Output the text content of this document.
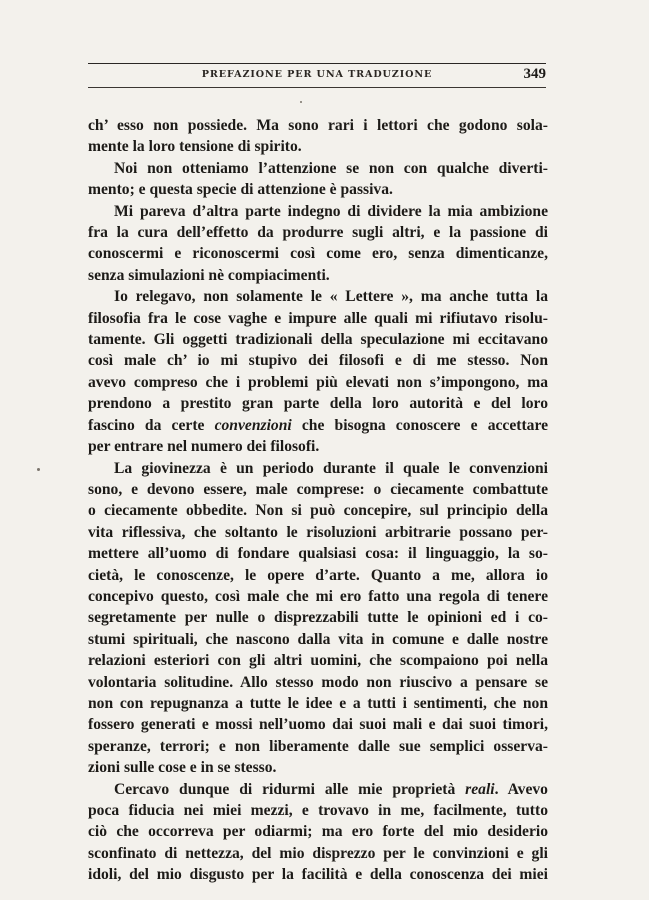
PREFAZIONE PER UNA TRADUZIONE	349
ch’ esso non possiede. Ma sono rari i lettori che godono sola-
mente la loro tensione di spirito.
Noi non otteniamo l’attenzione se non con qualche diverti-
mento; e questa specie di attenzione è passiva.
Mi pareva d’altra parte indegno di dividere la mia ambizione
fra la cura dell’effetto da produrre sugli altri, e la passione di
conoscermi e riconoscermi così come ero, senza dimenticanze,
senza simulazioni nè compiacimenti.
Io relegavo, non solamente le « Lettere », ma anche tutta la
filosofia fra le cose vaghe e impure alle quali mi rifiutavo risolu-
tamente. Gli oggetti tradizionali della speculazione mi eccitavano
così male ch’ io mi stupivo dei filosofi e di me stesso. Non
avevo compreso che i problemi più elevati non s’impongono, ma
prendono a prestito gran parte della loro autorità e del loro
fascino da certe convenzioni che bisogna conoscere e accettare
per entrare nel numero dei filosofi.
La giovinezza è un periodo durante il quale le convenzioni
sono, e devono essere, male comprese: o ciecamente combattute
o ciecamente obbedite. Non si può concepire, sul principio della
vita riflessiva, che soltanto le risoluzioni arbitrarie possano per-
mettere all’uomo di fondare qualsiasi cosa: il linguaggio, la so-
cietà, le conoscenze, le opere d’arte. Quanto a me, allora io
concepivo questo, così male che mi ero fatto una regola di tenere
segretamente per nulle o disprezzabili tutte le opinioni ed i co-
stumi spirituali, che nascono dalla vita in comune e dalle nostre
relazioni esteriori con gli altri uomini, che scompaiono poi nella
volontaria solitudine. Allo stesso modo non riuscivo a pensare se
non con repugnanza a tutte le idee e a tutti i sentimenti, che non
fossero generati e mossi nell’uomo dai suoi mali e dai suoi timori,
speranze, terrori; e non liberamente dalle sue semplici osserva-
zioni sulle cose e in se stesso.
Cercavo dunque di ridurmi alle mie proprietà reali. Avevo
poca fiducia nei miei mezzi, e trovavo in me, facilmente, tutto
ciò che occorreva per odiarmi; ma ero forte del mio desiderio
sconfinato di nettezza, del mio disprezzo per le convinzioni e gli
idoli, del mio disgusto per la facilità e della conoscenza dei miei
